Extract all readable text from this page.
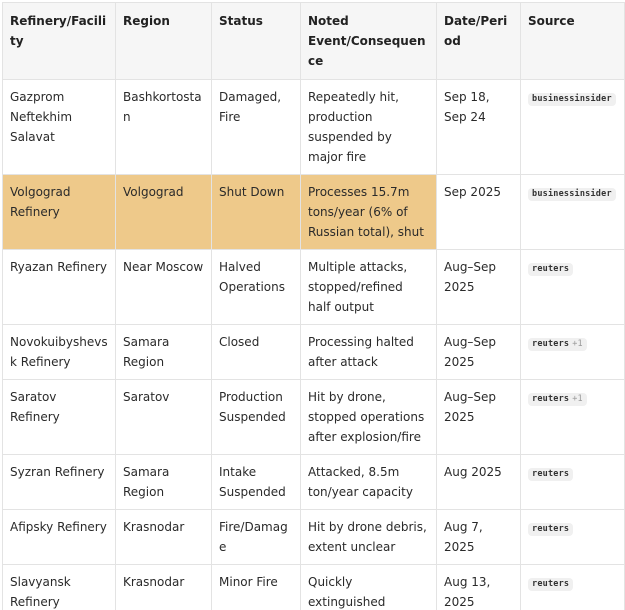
Refinery/Facility	Region	Status	Noted Event/Consequence	Date/Period	Source
Gazprom Neftekhim Salavat	Bashkortostan	Damaged, Fire	Repeatedly hit, production suspended by major fire	Sep 18, Sep 24	businessinsider
Volgograd Refinery	Volgograd	Shut Down	Processes 15.7m tons/year (6% of Russian total), shut	Sep 2025	businessinsider
Ryazan Refinery	Near Moscow	Halved Operations	Multiple attacks, stopped/refined half output	Aug–Sep 2025	reuters
Novokuibyshevsk Refinery	Samara Region	Closed	Processing halted after attack	Aug–Sep 2025	reuters +1
Saratov Refinery	Saratov	Production Suspended	Hit by drone, stopped operations after explosion/fire	Aug–Sep 2025	reuters +1
Syzran Refinery	Samara Region	Intake Suspended	Attacked, 8.5m ton/year capacity	Aug 2025	reuters
Afipsky Refinery	Krasnodar	Fire/Damage	Hit by drone debris, extent unclear	Aug 7, 2025	reuters
Slavyansk Refinery	Krasnodar	Minor Fire	Quickly extinguished	Aug 13, 2025	reuters
